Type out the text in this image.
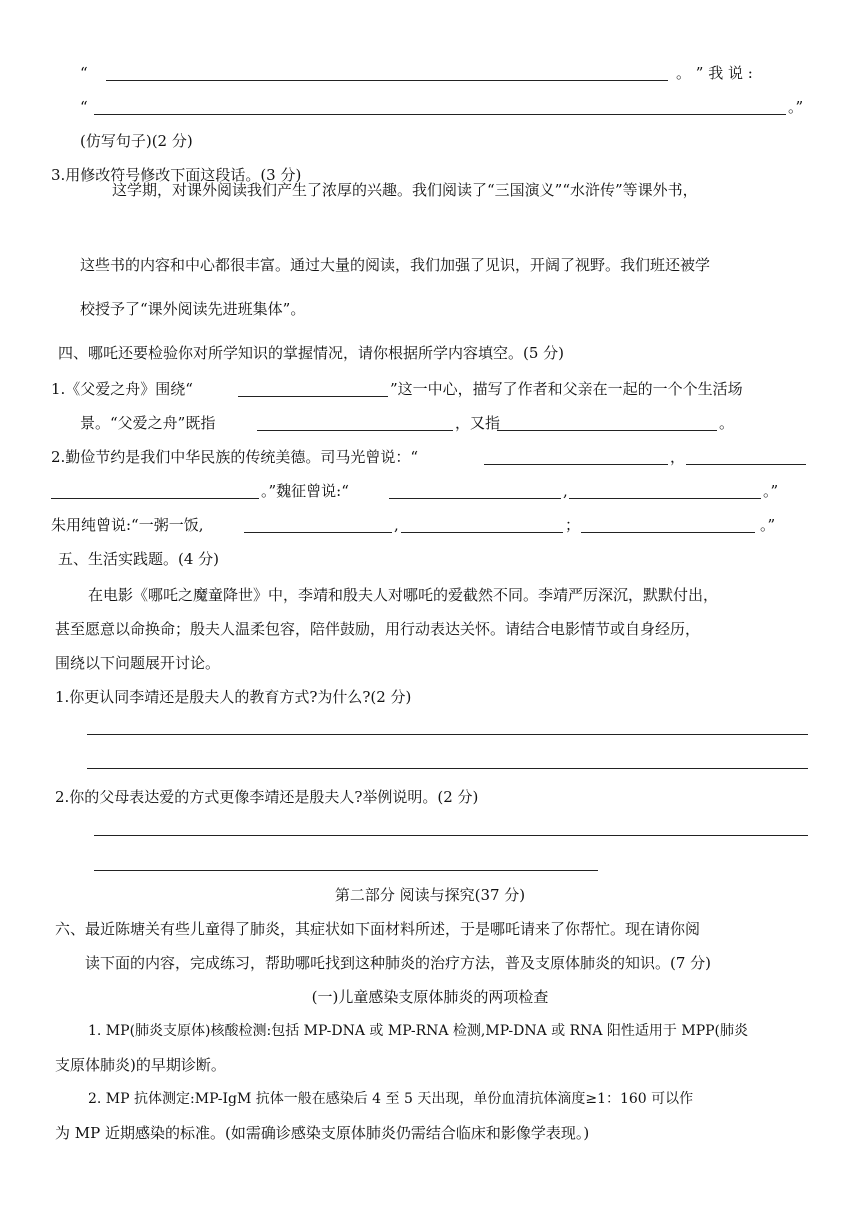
“	。 ” 我 说 :
“	。”
(仿写句子)(2 分)
3.用修改符号修改下面这段话。(3 分)
这学期，对课外阅读我们产生了浓厚的兴趣。我们阅读了“三国演义”“水浒传”等课外书，
这些书的内容和中心都很丰富。通过大量的阅读，我们加强了见识，开阔了视野。我们班还被学
校授予了“课外阅读先进班集体”。
四、哪吒还要检验你对所学知识的掌握情况，请你根据所学内容填空。(5 分)
1.《父爱之舟》围绕“	”这一中心，描写了作者和父亲在一起的一个个生活场
景。“父爱之舟”既指	，又指	。
2.勤俭节约是我们中华民族的传统美德。司马光曾说：“	，
。”魏征曾说:“	,	。”
朱用纯曾说:“一粥一饭,	,	；	。”
五、生活实践题。(4 分)
在电影《哪吒之魔童降世》中，李靖和殷夫人对哪吒的爱截然不同。李靖严厉深沉，默默付出，
甚至愿意以命换命；殷夫人温柔包容，陪伴鼓励，用行动表达关怀。请结合电影情节或自身经历，
围绕以下问题展开讨论。
1.你更认同李靖还是殷夫人的教育方式?为什么?(2 分)
2.你的父母表达爱的方式更像李靖还是殷夫人?举例说明。(2 分)
第二部分 阅读与探究(37 分)
六、最近陈塘关有些儿童得了肺炎，其症状如下面材料所述，于是哪吒请来了你帮忙。现在请你阅
读下面的内容，完成练习，帮助哪吒找到这种肺炎的治疗方法，普及支原体肺炎的知识。(7 分)
(一)儿童感染支原体肺炎的两项检查
1. MP(肺炎支原体)核酸检测:包括 MP-DNA 或 MP-RNA 检测,MP-DNA 或 RNA 阳性适用于 MPP(肺炎
支原体肺炎)的早期诊断。
2. MP 抗体测定:MP-IgM 抗体一般在感染后 4 至 5 天出现，单份血清抗体滴度≥1：160 可以作
为 MP 近期感染的标准。(如需确诊感染支原体肺炎仍需结合临床和影像学表现。)
